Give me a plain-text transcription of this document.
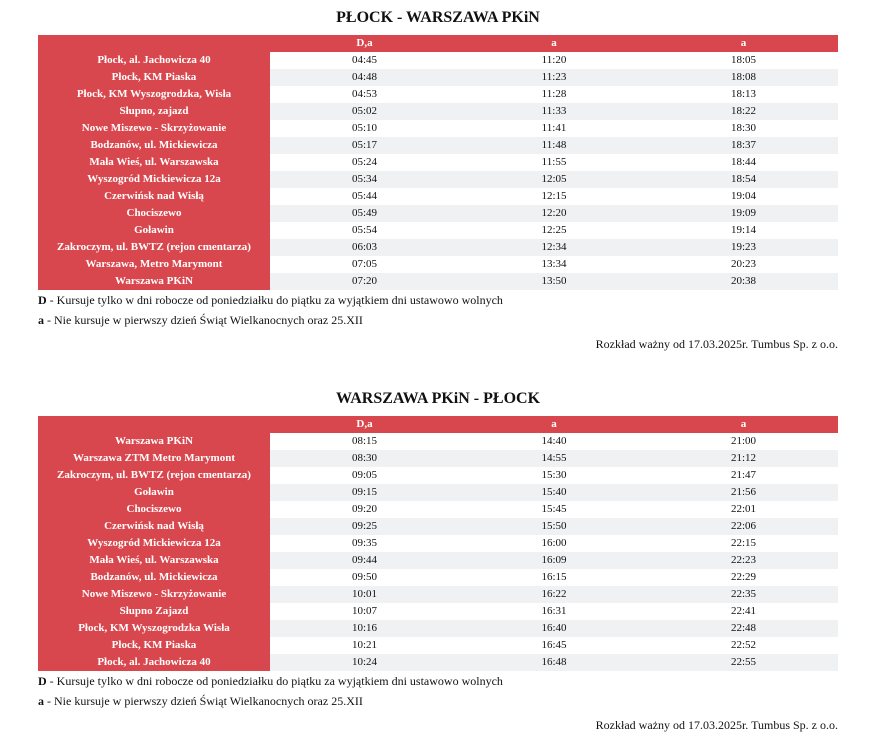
PŁOCK - WARSZAWA PKiN
	D,a	a	a
Płock, al. Jachowicza 40	04:45	11:20	18:05
Płock, KM Piaska	04:48	11:23	18:08
Płock, KM Wyszogrodzka, Wisła	04:53	11:28	18:13
Słupno, zajazd	05:02	11:33	18:22
Nowe Miszewo - Skrzyżowanie	05:10	11:41	18:30
Bodzanów, ul. Mickiewicza	05:17	11:48	18:37
Mała Wieś, ul. Warszawska	05:24	11:55	18:44
Wyszogród Mickiewicza 12a	05:34	12:05	18:54
Czerwińsk nad Wisłą	05:44	12:15	19:04
Chociszewo	05:49	12:20	19:09
Goławin	05:54	12:25	19:14
Zakroczym, ul. BWTZ (rejon cmentarza)	06:03	12:34	19:23
Warszawa, Metro Marymont	07:05	13:34	20:23
Warszawa PKiN	07:20	13:50	20:38
D - Kursuje tylko w dni robocze od poniedziałku do piątku za wyjątkiem dni ustawowo wolnych
a - Nie kursuje w pierwszy dzień Świąt Wielkanocnych oraz 25.XII
Rozkład ważny od 17.03.2025r. Tumbus Sp. z o.o.
WARSZAWA PKiN - PŁOCK
	D,a	a	a
Warszawa PKiN	08:15	14:40	21:00
Warszawa ZTM Metro Marymont	08:30	14:55	21:12
Zakroczym, ul. BWTZ (rejon cmentarza)	09:05	15:30	21:47
Goławin	09:15	15:40	21:56
Chociszewo	09:20	15:45	22:01
Czerwińsk nad Wisłą	09:25	15:50	22:06
Wyszogród Mickiewicza 12a	09:35	16:00	22:15
Mała Wieś, ul. Warszawska	09:44	16:09	22:23
Bodzanów, ul. Mickiewicza	09:50	16:15	22:29
Nowe Miszewo - Skrzyżowanie	10:01	16:22	22:35
Słupno Zajazd	10:07	16:31	22:41
Płock, KM Wyszogrodzka Wisła	10:16	16:40	22:48
Płock, KM Piaska	10:21	16:45	22:52
Płock, al. Jachowicza 40	10:24	16:48	22:55
D - Kursuje tylko w dni robocze od poniedziałku do piątku za wyjątkiem dni ustawowo wolnych
a - Nie kursuje w pierwszy dzień Świąt Wielkanocnych oraz 25.XII
Rozkład ważny od 17.03.2025r. Tumbus Sp. z o.o.
